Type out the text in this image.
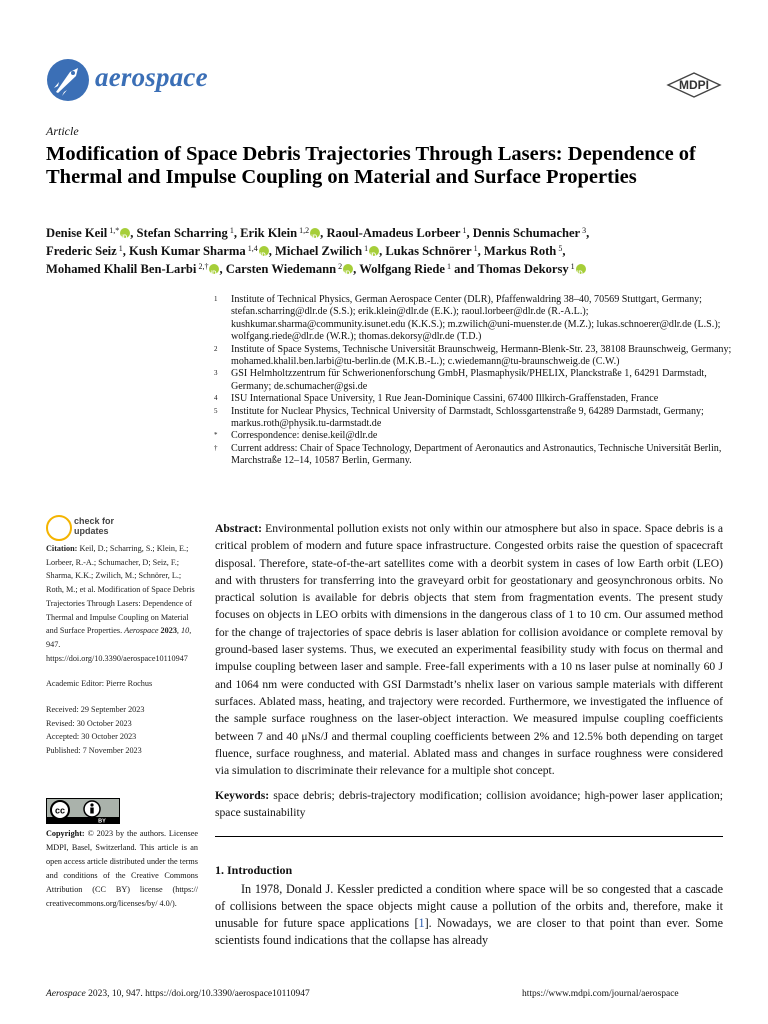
aerospace	MDPI
Article
Modification of Space Debris Trajectories Through Lasers: Dependence of Thermal and Impulse Coupling on Material and Surface Properties
Denise Keil $^{1,*}$ iD , Stefan Scharring $^1$, Erik Klein $^{1,2}$ iD , Raoul-Amadeus Lorbeer $^1$, Dennis Schumacher $^3$,
Frederic Seiz $^1$, Kush Kumar Sharma $^{1,4}$ iD , Michael Zwilich $^1$ iD , Lukas Schnörer $^1$, Markus Roth $^5$,
Mohamed Khalil Ben-Larbi $^{2,\dagger}$ iD , Carsten Wiedemann $^2$ iD , Wolfgang Riede $^1$ and Thomas Dekorsy $^1$iD
1	Institute of Technical Physics, German Aerospace Center (DLR), Pfaffenwaldring 38–40, 70569 Stuttgart, Germany; stefan.scharring@dlr.de (S.S.); erik.klein@dlr.de (E.K.); raoul.lorbeer@dlr.de (R.-A.L.); kushkumar.sharma@community.isunet.edu (K.K.S.); m.zwilich@uni-muenster.de (M.Z.); lukas.schnoerer@dlr.de (L.S.); wolfgang.riede@dlr.de (W.R.); thomas.dekorsy@dlr.de (T.D.)
2	Institute of Space Systems, Technische Universität Braunschweig, Hermann-Blenk-Str. 23, 38108 Braunschweig, Germany; mohamed.khalil.ben.larbi@tu-berlin.de (M.K.B.-L.); c.wiedemann@tu-braunschweig.de (C.W.)
3	GSI Helmholtzzentrum für Schwerionenforschung GmbH, Plasmaphysik/PHELIX, Planckstraße 1, 64291 Darmstadt, Germany; de.schumacher@gsi.de
4	ISU International Space University, 1 Rue Jean-Dominique Cassini, 67400 Illkirch-Graffenstaden, France
5	Institute for Nuclear Physics, Technical University of Darmstadt, Schlossgartenstraße 9, 64289 Darmstadt, Germany; markus.roth@physik.tu-darmstadt.de
*	Correspondence: denise.keil@dlr.de
†	Current address: Chair of Space Technology, Department of Aeronautics and Astronautics, Technische Universität Berlin, Marchstraße 12–14, 10587 Berlin, Germany.
check for
updates

Citation: Keil, D.; Scharring, S.; Klein, E.; Lorbeer, R.-A.; Schumacher, D; Seiz, F.; Sharma, K.K.; Zwilich, M.; Schnörer, L.; Roth, M.; et al. Modification of Space Debris Trajectories Through Lasers: Dependence of Thermal and Impulse Coupling on Material and Surface Properties. Aerospace 2023, 10, 947. https://doi.org/10.3390/aerospace10110947

Academic Editor: Pierre Rochus

Received: 29 September 2023

Revised: 30 October 2023

Accepted: 30 October 2023

Published: 7 November 2023

cc
BY
Copyright: © 2023 by the authors. Licensee MDPI, Basel, Switzerland. This article is an open access article distributed under the terms and conditions of the Creative Commons Attribution (CC BY) license (https:// creativecommons.org/licenses/by/ 4.0/).
Abstract: Environmental pollution exists not only within our atmosphere but also in space. Space debris is a critical problem of modern and future space infrastructure. Congested orbits raise the question of spacecraft disposal. Therefore, state-of-the-art satellites come with a deorbit system in cases of low Earth orbit (LEO) and with thrusters for transferring into the graveyard orbit for geostationary and geosynchronous orbits. No practical solution is available for debris objects that stem from fragmentation events. The present study focuses on objects in LEO orbits with dimensions in the dangerous class of 1 to 10 cm. Our assumed method for the change of trajectories of space debris is laser ablation for collision avoidance or complete removal by ground-based laser systems. Thus, we executed an experimental feasibility study with focus on thermal and impulse coupling between laser and sample. Free-fall experiments with a 10 ns laser pulse at nominally 60 J and 1064 nm were conducted with GSI Darmstadt’s nhelix laser on various sample materials with different surfaces. Ablated mass, heating, and trajectory were recorded. Furthermore, we investigated the influence of the sample surface roughness on the laser-object interaction. We measured impulse coupling coefficients between 7 and 40 μNs/J and thermal coupling coefficients between 2% and 12.5% both depending on target fluence, surface roughness, and material. Ablated mass and changes in surface roughness were considered via simulation to discriminate their relevance for a multiple shot concept.
Keywords: space debris; debris-trajectory modification; collision avoidance; high-power laser application; space sustainability
1. Introduction
In 1978, Donald J. Kessler predicted a condition where space will be so congested that a cascade of collisions between the space objects might cause a pollution of the orbits and, therefore, make it unusable for future space applications [1]. Nowadays, we are closer to that point than ever. Some scientists found indications that the collapse has already
Aerospace 2023, 10, 947. https://doi.org/10.3390/aerospace10110947	https://www.mdpi.com/journal/aerospace
